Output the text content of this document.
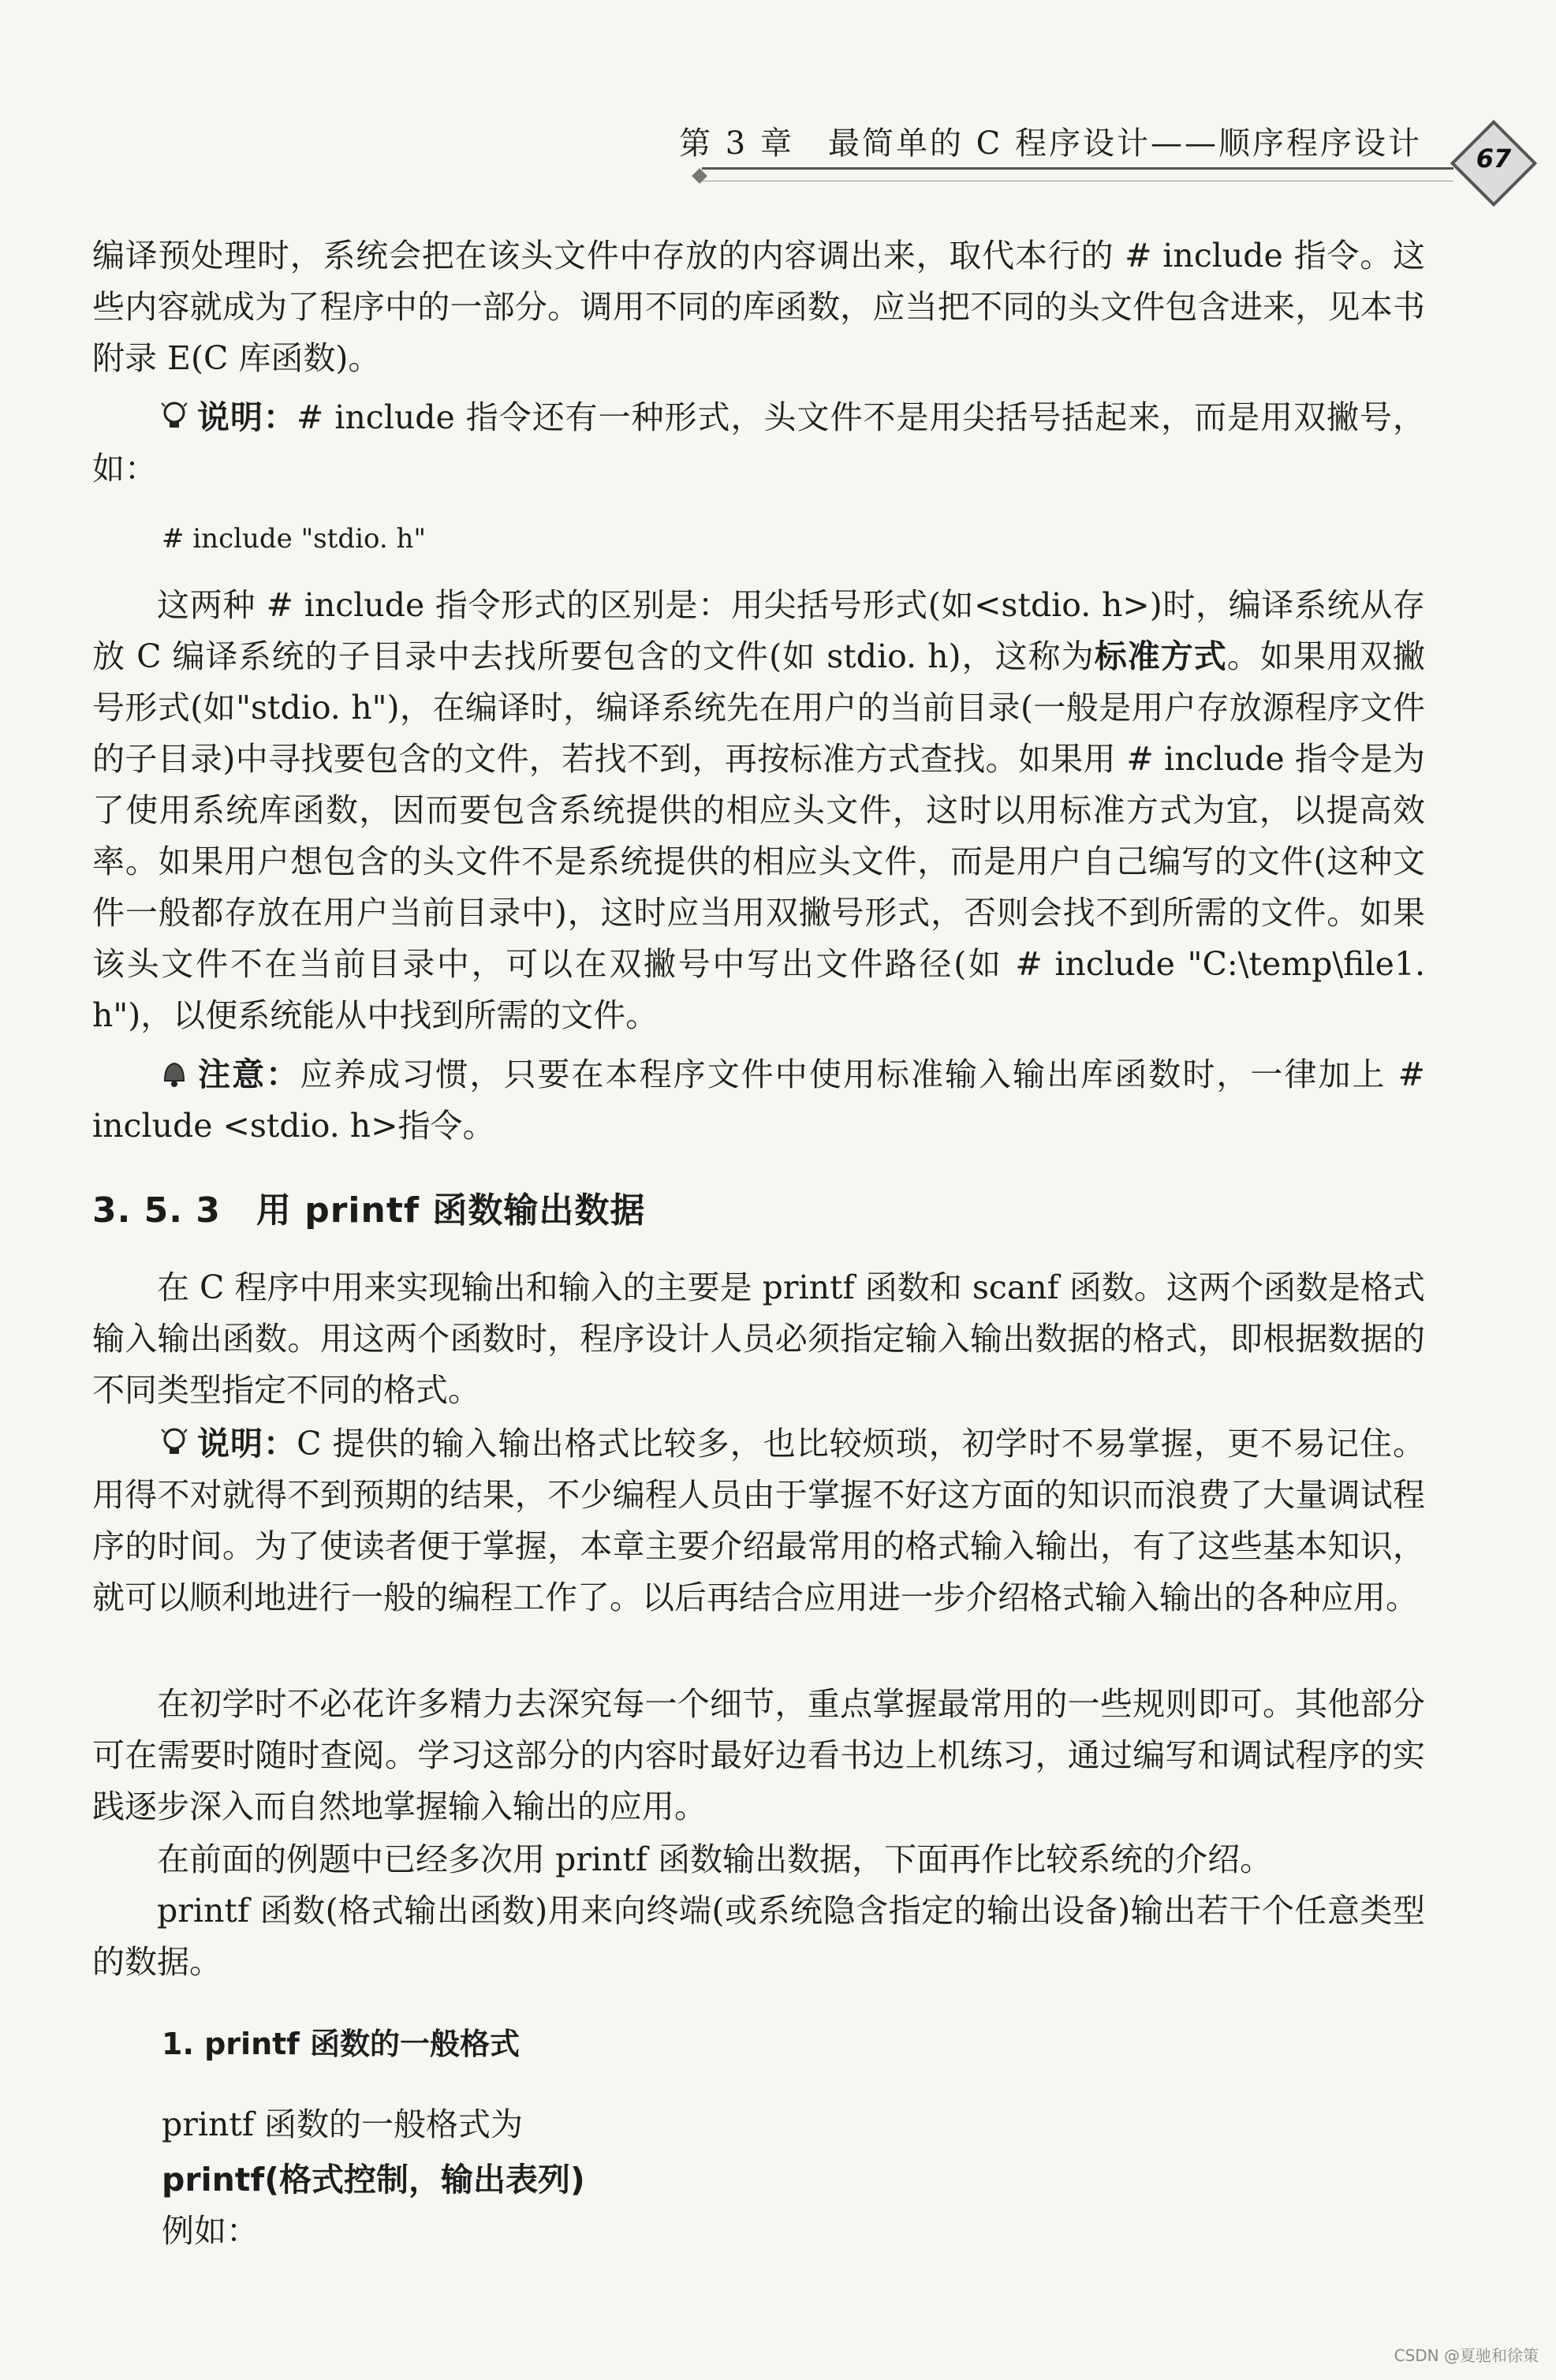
第 3 章　最简单的 C 程序设计——顺序程序设计	67

编译预处理时，系统会把在该头文件中存放的内容调出来，取代本行的 # include 指令。这些内容就成为了程序中的一部分。调用不同的库函数，应当把不同的头文件包含进来，见本书附录 E(C 库函数)。

说明：# include 指令还有一种形式，头文件不是用尖括号括起来，而是用双撇号，如：

# include "stdio. h"

这两种 # include 指令形式的区别是：用尖括号形式(如<stdio. h>)时，编译系统从存放 C 编译系统的子目录中去找所要包含的文件(如 stdio. h)，这称为标准方式。如果用双撇号形式(如"stdio. h")，在编译时，编译系统先在用户的当前目录(一般是用户存放源程序文件的子目录)中寻找要包含的文件，若找不到，再按标准方式查找。如果用 # include 指令是为了使用系统库函数，因而要包含系统提供的相应头文件，这时以用标准方式为宜，以提高效率。如果用户想包含的头文件不是系统提供的相应头文件，而是用户自己编写的文件(这种文件一般都存放在用户当前目录中)，这时应当用双撇号形式，否则会找不到所需的文件。如果该头文件不在当前目录中，可以在双撇号中写出文件路径(如 # include "C:\temp\file1. h")，以便系统能从中找到所需的文件。

注意：应养成习惯，只要在本程序文件中使用标准输入输出库函数时，一律加上 # include <stdio. h>指令。

3. 5. 3　用 printf 函数输出数据

在 C 程序中用来实现输出和输入的主要是 printf 函数和 scanf 函数。这两个函数是格式输入输出函数。用这两个函数时，程序设计人员必须指定输入输出数据的格式，即根据数据的不同类型指定不同的格式。

说明：C 提供的输入输出格式比较多，也比较烦琐，初学时不易掌握，更不易记住。用得不对就得不到预期的结果，不少编程人员由于掌握不好这方面的知识而浪费了大量调试程序的时间。为了使读者便于掌握，本章主要介绍最常用的格式输入输出，有了这些基本知识，就可以顺利地进行一般的编程工作了。以后再结合应用进一步介绍格式输入输出的各种应用。

在初学时不必花许多精力去深究每一个细节，重点掌握最常用的一些规则即可。其他部分可在需要时随时查阅。学习这部分的内容时最好边看书边上机练习，通过编写和调试程序的实践逐步深入而自然地掌握输入输出的应用。

在前面的例题中已经多次用 printf 函数输出数据，下面再作比较系统的介绍。

printf 函数(格式输出函数)用来向终端(或系统隐含指定的输出设备)输出若干个任意类型的数据。

1. printf 函数的一般格式
printf 函数的一般格式为
printf(格式控制，输出表列)
例如：
CSDN @夏驰和徐策
